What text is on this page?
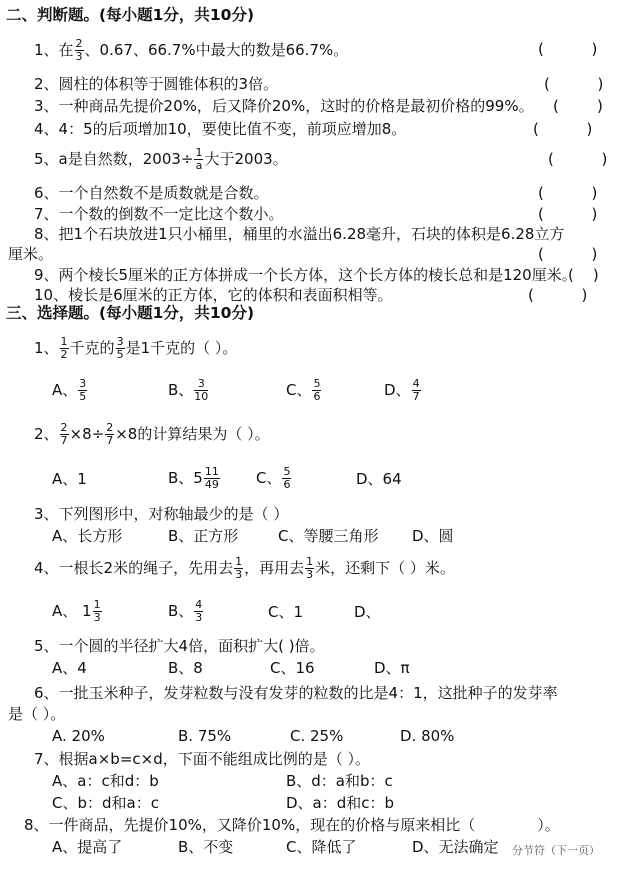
二、判断题。(每小题1分，共10分)
1、在 $\frac{2}{3}$ 、0.67、66.7%中最大的数是66.7%。	(          )
2、圆柱的体积等于圆锥体积的3倍。	(          )
3、一种商品先提价20%，后又降价20%，这时的价格是最初价格的99%。 (        )
4、4：5的后项增加10，要使比值不变，前项应增加8。	(          )
5、a是自然数，$2003\div \frac{1}{a}$ 大于2003。	(          )
6、一个自然数不是质数就是合数。	(          )
7、一个数的倒数不一定比这个数小。	(          )
8、把1个石块放进1只小桶里，桶里的水溢出6.28毫升，石块的体积是6.28立方
厘米。	(          )
9、两个棱长5厘米的正方体拼成一个长方体，这个长方体的棱长总和是120厘米。
(    )
10、棱长是6厘米的正方体，它的体积和表面积相等。	(          )
三、选择题。(每小题1分，共10分)
1、 $\frac{1}{2}$ 千克的 $\frac{3}{5}$ 是1千克的（ ）。
A、 $\frac{3}{5}$	B、 $\frac{3}{10}$	C、 $\frac{5}{6}$	D、 $\frac{4}{7}$
2、 $\frac{2}{7} \times 8\div \frac{2}{7} \times 8$的计算结果为（ ）。
A、1	B、$5 \frac{11}{49}$ C、 $\frac{5}{6}$	D、64
3、下列图形中，对称轴最少的是（ ）
A、长方形	B、正方形	C、等腰三角形 D、圆
4、一根长2米的绳子，先用去 $\frac{1}{3}$ ，再用去 $\frac{1}{3}$ 米，还剩下（ ）米。
A、 $1 \frac{1}{3}$	B、 $\frac{4}{3}$	C、1	D、
5、一个圆的半径扩大4倍，面积扩大( )倍。
A、4	B、8	C、16	D、π
6、一批玉米种子，发芽粒数与没有发芽的粒数的比是4：1，这批种子的发芽率
是（ ）。
A. 20%	B. 75%	C. 25%	D. 80%
7、根据a×b=c×d，下面不能组成比例的是（ ）。
A、a：c和d：b	B、d：a和b：c
C、b：d和a：c	D、a：d和c：b
8、一件商品，先提价10%，又降价10%，现在的价格与原来相比（	）。
A、提高了	B、不变	C、降低了	D、无法确定 分节符（下一页）
